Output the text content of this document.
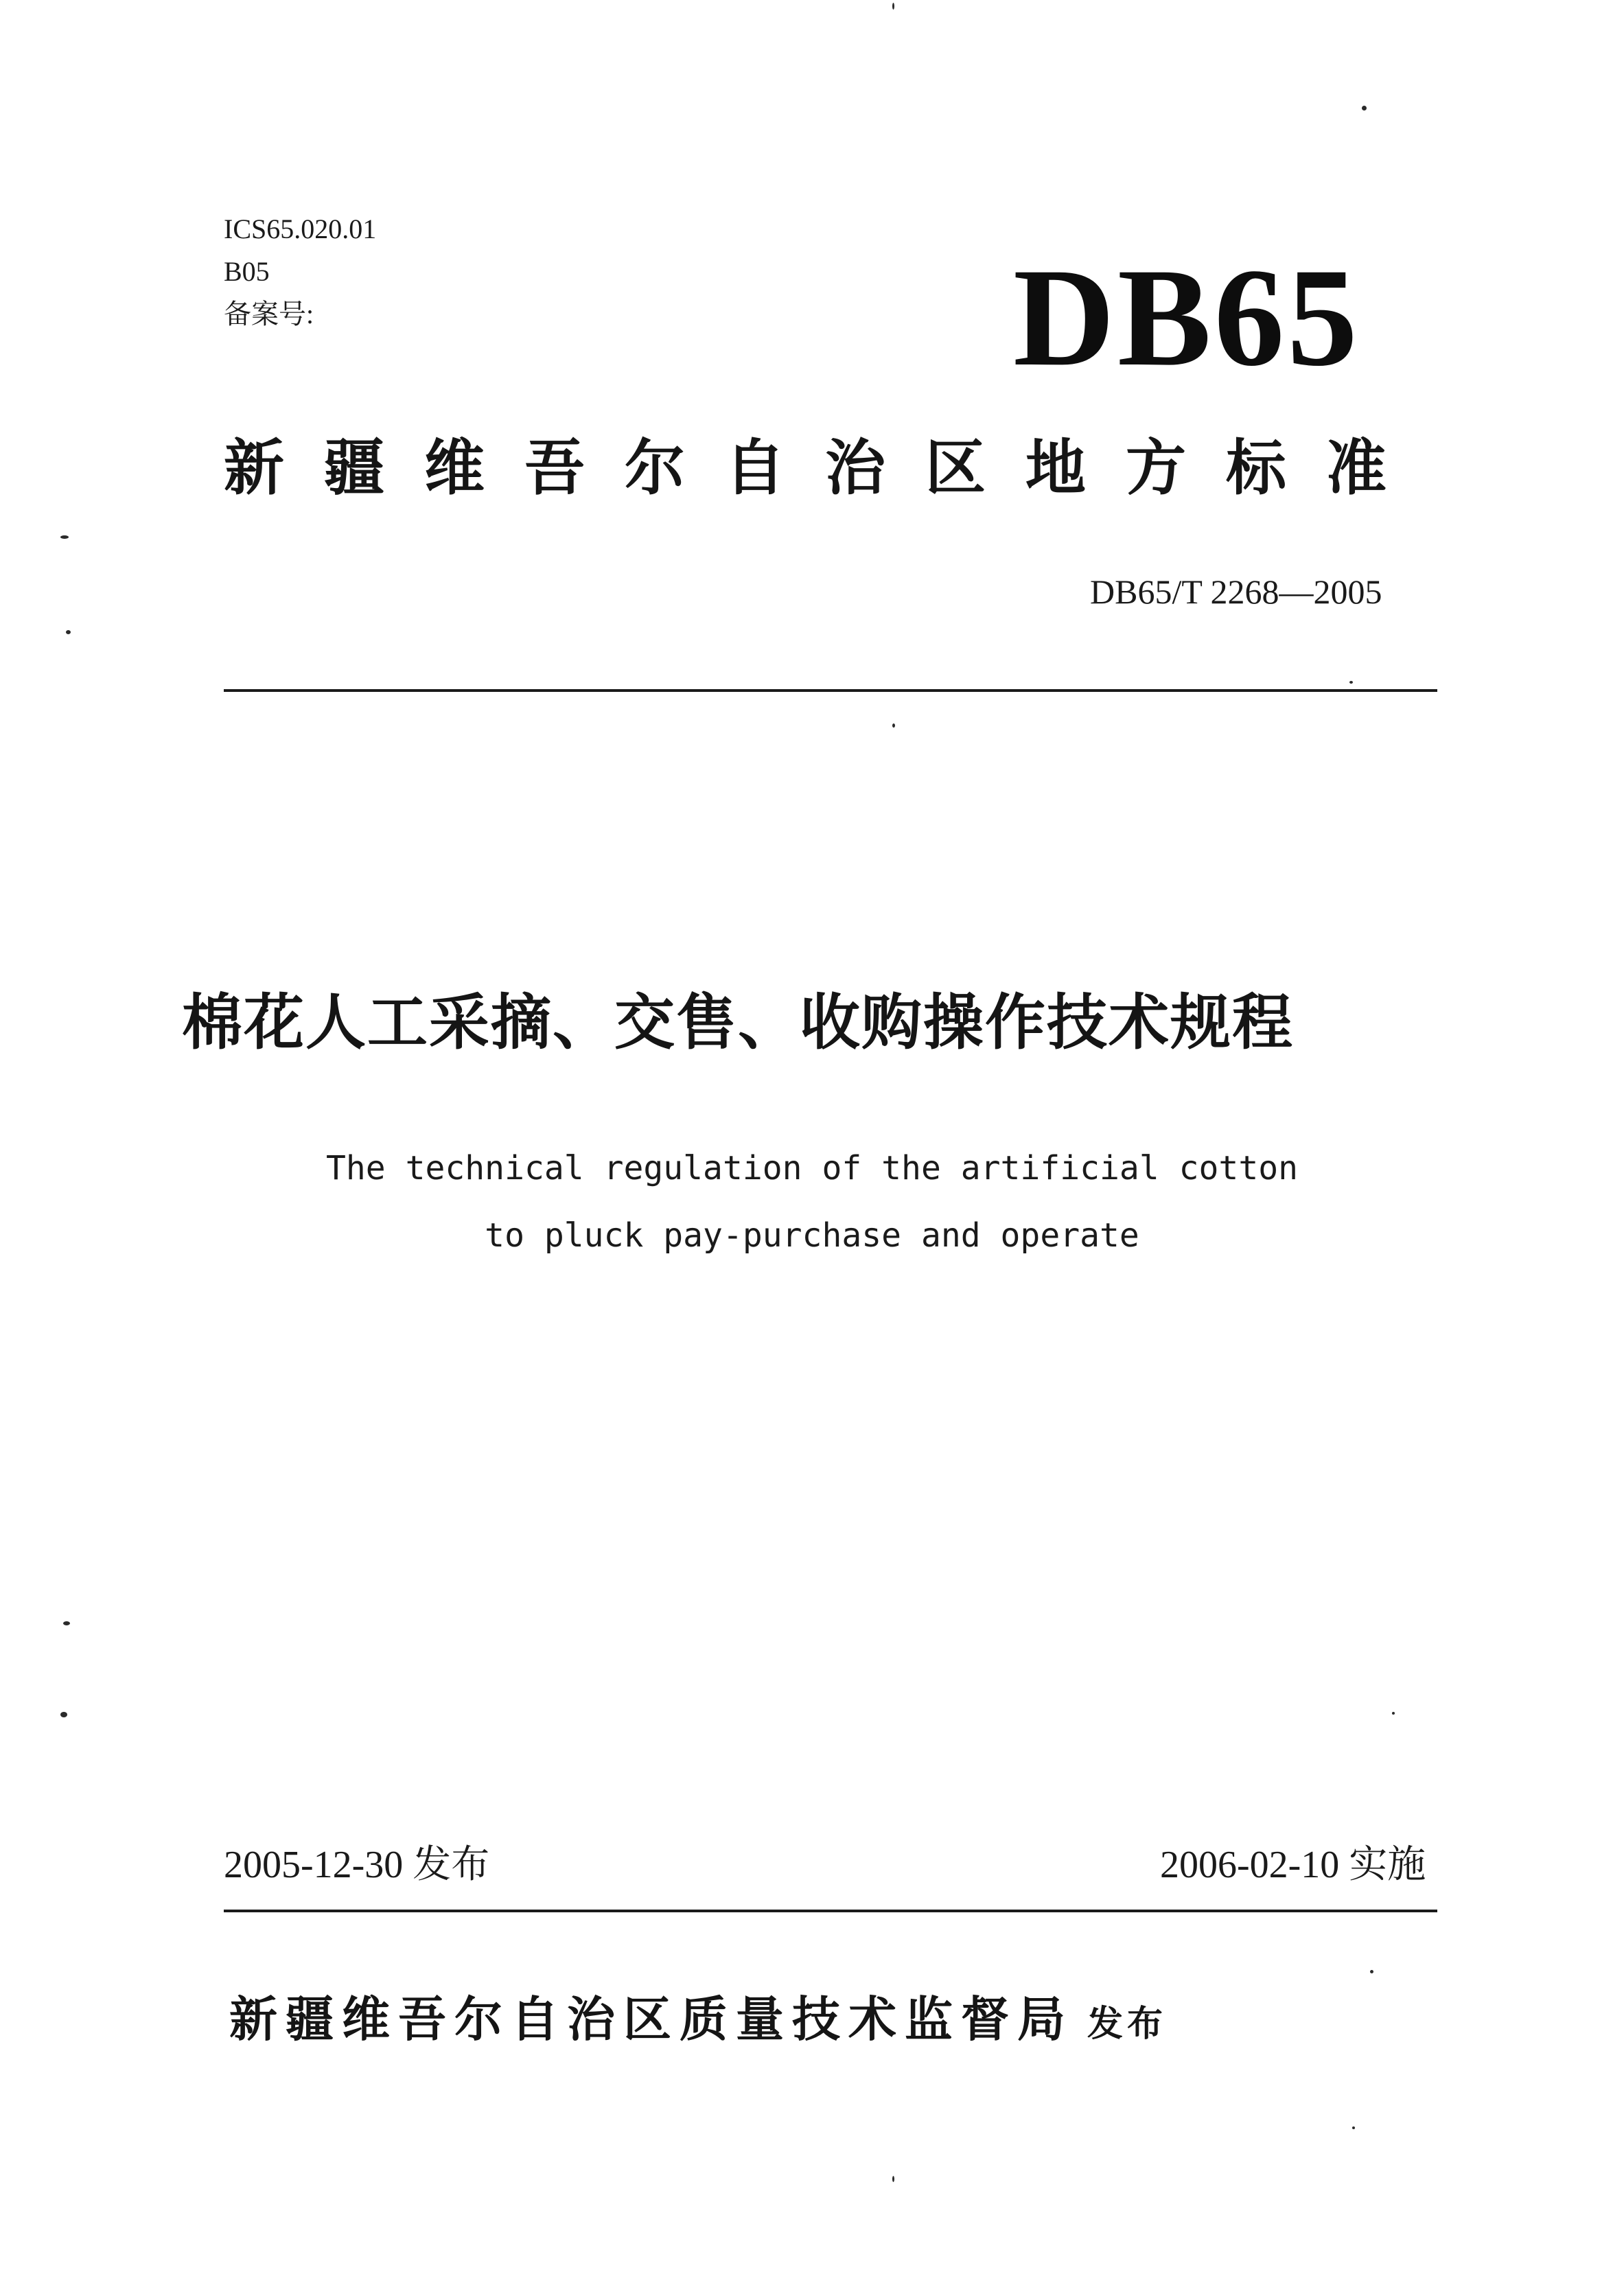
ICS65.020.01
B05
备案号:	DB65
新疆维吾尔自治区地方标准
DB65/T 2268—2005
棉花人工采摘、交售、收购操作技术规程
The technical regulation of the artificial cotton
to pluck pay-purchase and operate
2005-12-30 发布	2006-02-10 实施
新疆维吾尔自治区质量技术监督局 发布
